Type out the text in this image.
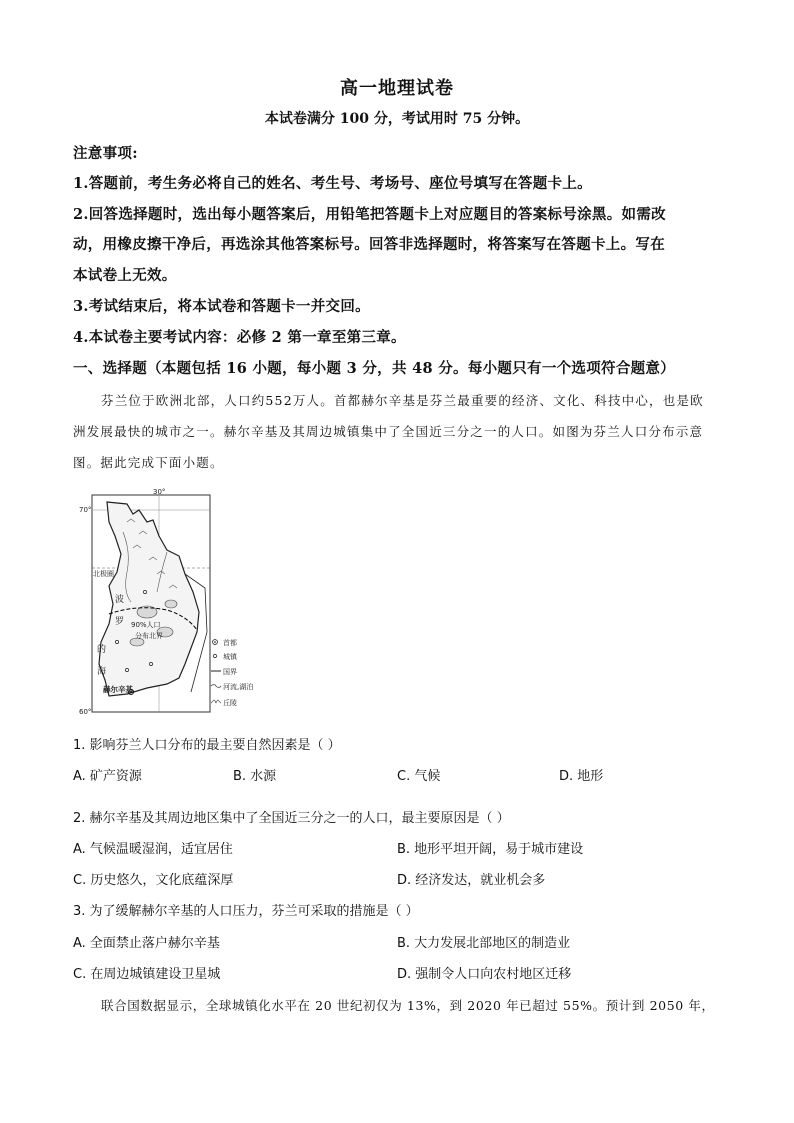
高一地理试卷
本试卷满分 100 分，考试用时 75 分钟。
注意事项:
1.答题前，考生务必将自己的姓名、考生号、考场号、座位号填写在答题卡上。
2.回答选择题时，选出每小题答案后，用铅笔把答题卡上对应题目的答案标号涂黑。如需改
动，用橡皮擦干净后，再选涂其他答案标号。回答非选择题时，将答案写在答题卡上。写在
本试卷上无效。
3.考试结束后，将本试卷和答题卡一并交回。
4.本试卷主要考试内容：必修 2 第一章至第三章。
一、选择题（本题包括 16 小题，每小题 3 分，共 48 分。每小题只有一个选项符合题意）
芬兰位于欧洲北部，人口约552万人。首都赫尔辛基是芬兰最重要的经济、文化、科技中心，也是欧
洲发展最快的城市之一。赫尔辛基及其周边城镇集中了全国近三分之一的人口。如图为芬兰人口分布示意
图。据此完成下面小题。
70°
60°
30°
北极圈
波
罗
的
海
90%人口
分布北界
赫尔辛基
首都
城镇
国界
河流,湖泊
丘陵
1. 影响芬兰人口分布的最主要自然因素是（ ）
A. 矿产资源	B. 水源	C. 气候	D. 地形
2. 赫尔辛基及其周边地区集中了全国近三分之一的人口，最主要原因是（ ）
A. 气候温暖湿润，适宜居住	B. 地形平坦开阔，易于城市建设
C. 历史悠久，文化底蕴深厚	D. 经济发达，就业机会多
3. 为了缓解赫尔辛基的人口压力，芬兰可采取的措施是（ ）
A. 全面禁止落户赫尔辛基	B. 大力发展北部地区的制造业
C. 在周边城镇建设卫星城	D. 强制令人口向农村地区迁移
联合国数据显示，全球城镇化水平在 20 世纪初仅为 13%，到 2020 年已超过 55%。预计到 2050 年，
